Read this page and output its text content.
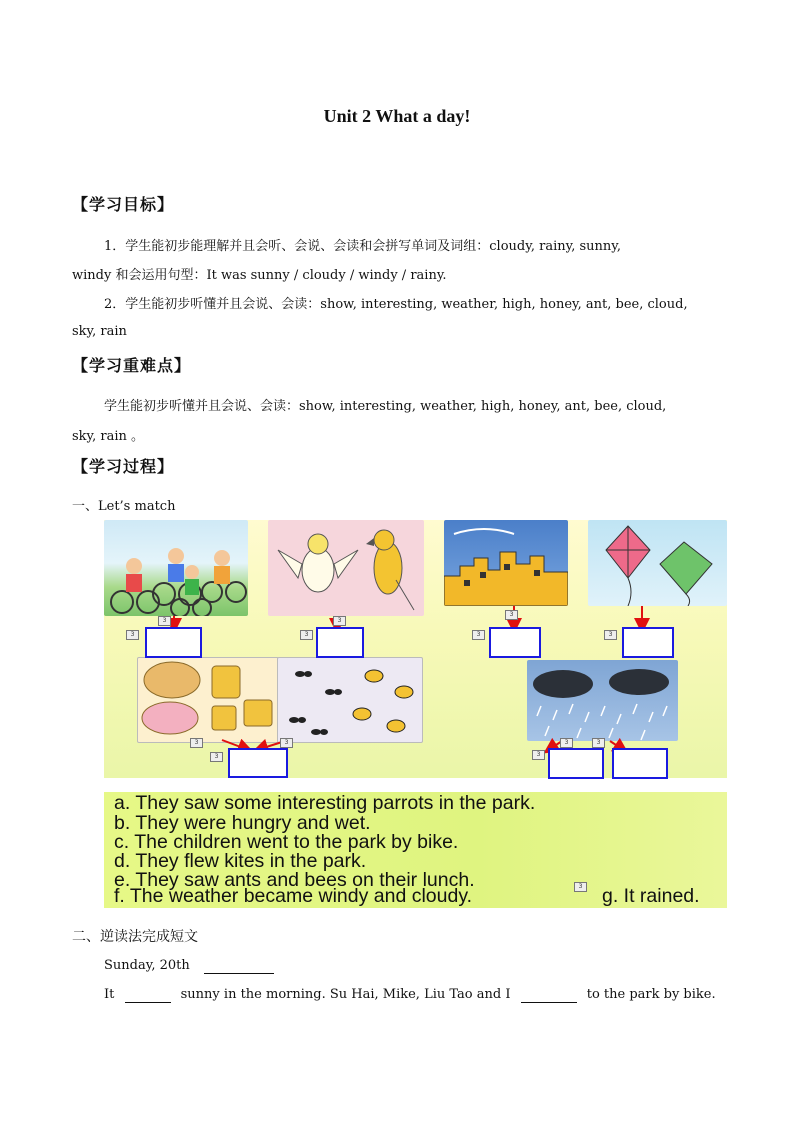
Unit 2 What a day!
【学习目标】
1．学生能初步能理解并且会听、会说、会读和会拼写单词及词组：cloudy, rainy, sunny,
windy 和会运用句型：It was sunny / cloudy / windy / rainy.
2．学生能初步听懂并且会说、会读：show, interesting, weather, high, honey, ant, bee, cloud,
sky, rain
【学习重难点】
学生能初步听懂并且会说、会读：show, interesting, weather, high, honey, ant, bee, cloud,
sky, rain 。
【学习过程】
一、Let’s match
3
3
3
3
3
3
3
3
3
3
3
3	3
a. They saw some interesting parrots in the park.
b. They were hungry and wet.
c. The children went to the park by bike.
d. They flew kites in the park.
e. They saw ants and bees on their lunch.
f. The weather became windy and cloudy.	g. It rained.
3
二、逆读法完成短文
Sunday, 20th
It	sunny in the morning. Su Hai, Mike, Liu Tao and I	to the park by bike.
